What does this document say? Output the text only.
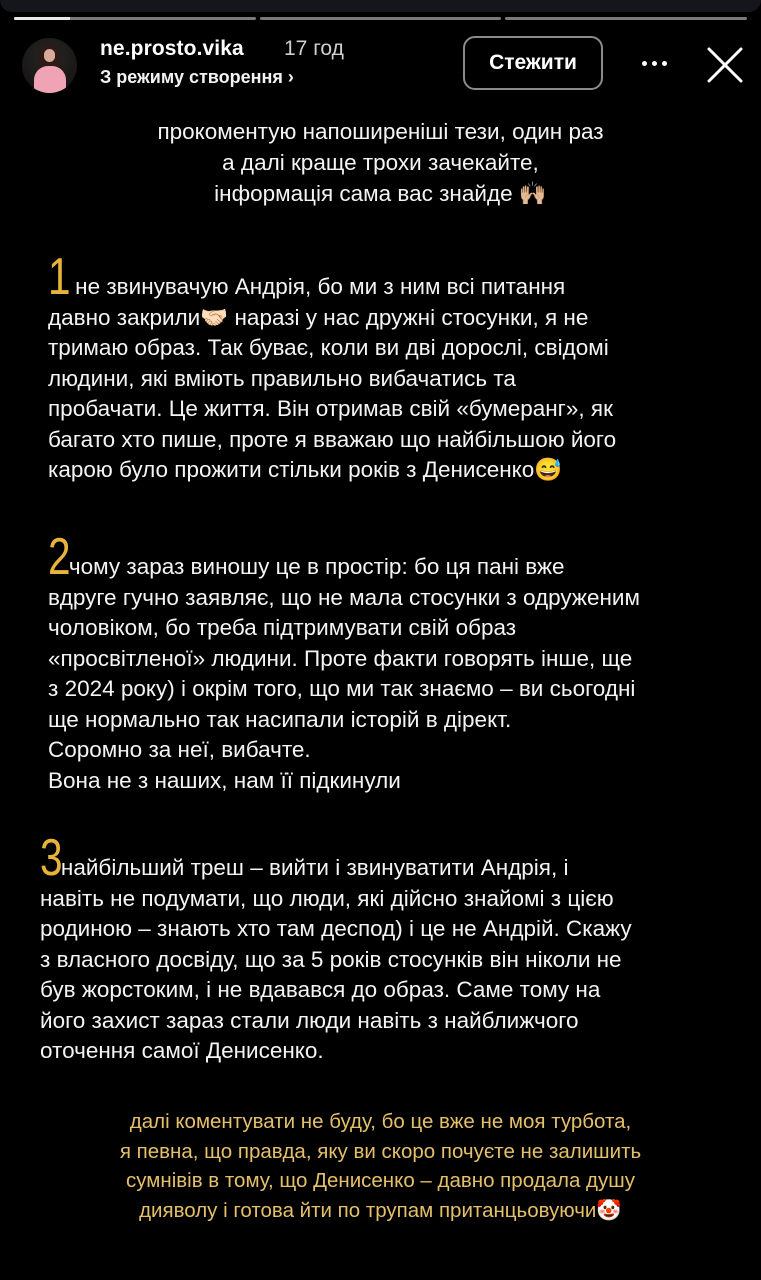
ne.prosto.vika 17 год
З режиму створення ›
Стежити
прокоментую напоширеніші тези, один раз
а далі краще трохи зачекайте,
інформація сама вас знайде 🙌🏼
1 не звинувачую Андрія, бо ми з ним всі питання
давно закрили🤝🏻 наразі у нас дружні стосунки, я не
тримаю образ. Так буває, коли ви дві дорослі, свідомі
людини, які вміють правильно вибачатись та
пробачати. Це життя. Він отримав свій «бумеранг», як
багато хто пише, проте я вважаю що найбільшою його
карою було прожити стільки років з Денисенко😅
2чому зараз виношу це в простір: бо ця пані вже
вдруге гучно заявляє, що не мала стосунки з одруженим
чоловіком, бо треба підтримувати свій образ
«просвітленої» людини. Проте факти говорять інше, ще
з 2024 року) і окрім того, що ми так знаємо – ви сьогодні
ще нормально так насипали історій в дірект.
Соромно за неї, вибачте.
Вона не з наших, нам її підкинули
3найбільший треш – вийти і звинуватити Андрія, і
навіть не подумати, що люди, які дійсно знайомі з цією
родиною – знають хто там деспод) і це не Андрій. Скажу
з власного досвіду, що за 5 років стосунків він ніколи не
був жорстоким, і не вдавався до образ. Саме тому на
його захист зараз стали люди навіть з найближчого
оточення самої Денисенко.
далі коментувати не буду, бо це вже не моя турбота,
я певна, що правда, яку ви скоро почуєте не залишить
сумнівів в тому, що Денисенко – давно продала душу
дияволу і готова йти по трупам пританцьовуючи🤡
